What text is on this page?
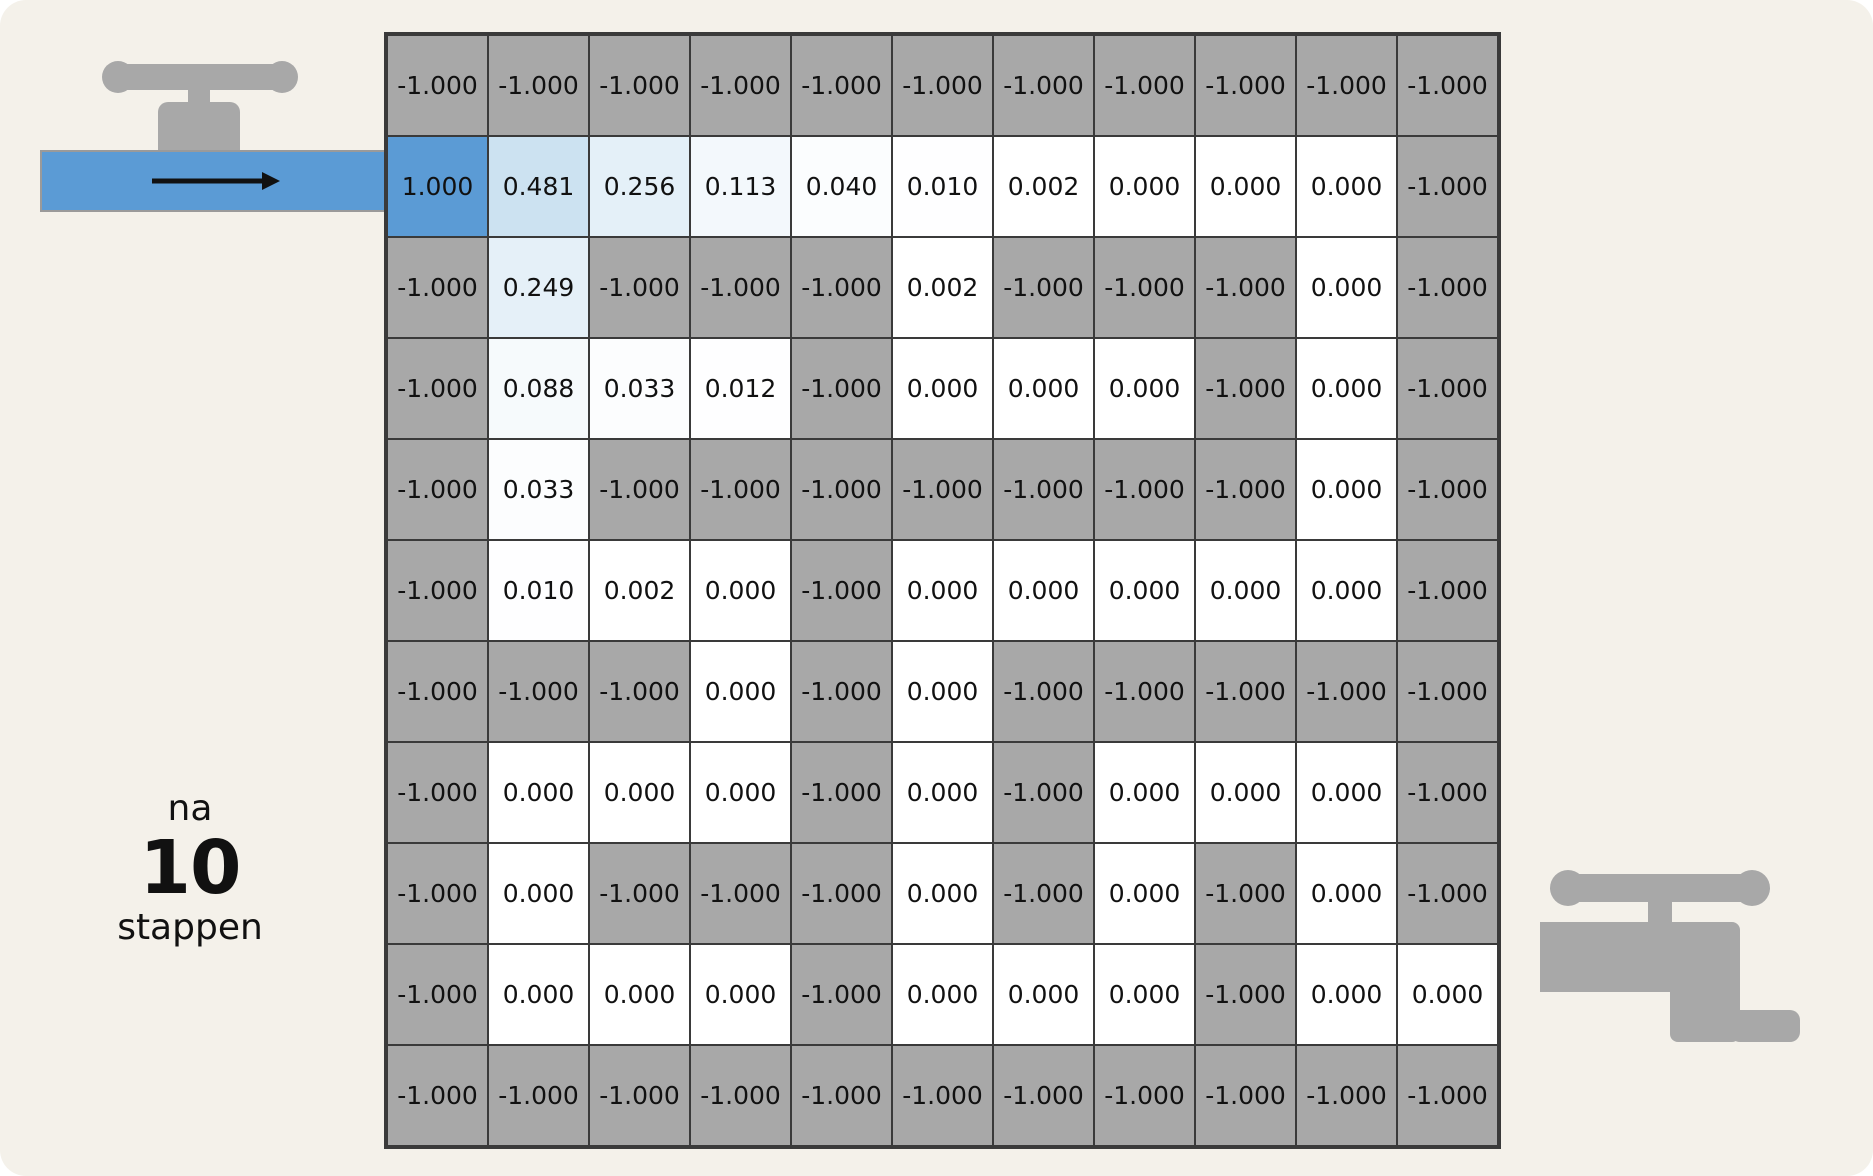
-1.000 -1.000 -1.000 -1.000 -1.000 -1.000 -1.000 -1.000 -1.000 -1.000 -1.000
1.000	0.481	0.256	0.113	0.040	0.010	0.002	0.000	0.000	0.000 -1.000
-1.000 0.249 -1.000 -1.000 -1.000 0.002 -1.000 -1.000 -1.000 0.000 -1.000
-1.000 0.088	0.033	0.012 -1.000 0.000	0.000	0.000 -1.000 0.000 -1.000
-1.000 0.033 -1.000 -1.000 -1.000 -1.000 -1.000 -1.000 -1.000 0.000 -1.000
-1.000 0.010	0.002	0.000 -1.000 0.000	0.000	0.000	0.000	0.000 -1.000
-1.000 -1.000 -1.000 0.000 -1.000 0.000 -1.000 -1.000 -1.000 -1.000 -1.000
-1.000 0.000	0.000	0.000 -1.000 0.000 -1.000 0.000	0.000	0.000 -1.000
-1.000 0.000 -1.000 -1.000 -1.000 0.000 -1.000 0.000 -1.000 0.000 -1.000
-1.000 0.000	0.000	0.000 -1.000 0.000	0.000	0.000 -1.000 0.000	0.000
-1.000 -1.000 -1.000 -1.000 -1.000 -1.000 -1.000 -1.000 -1.000 -1.000 -1.000
na
10
stappen
